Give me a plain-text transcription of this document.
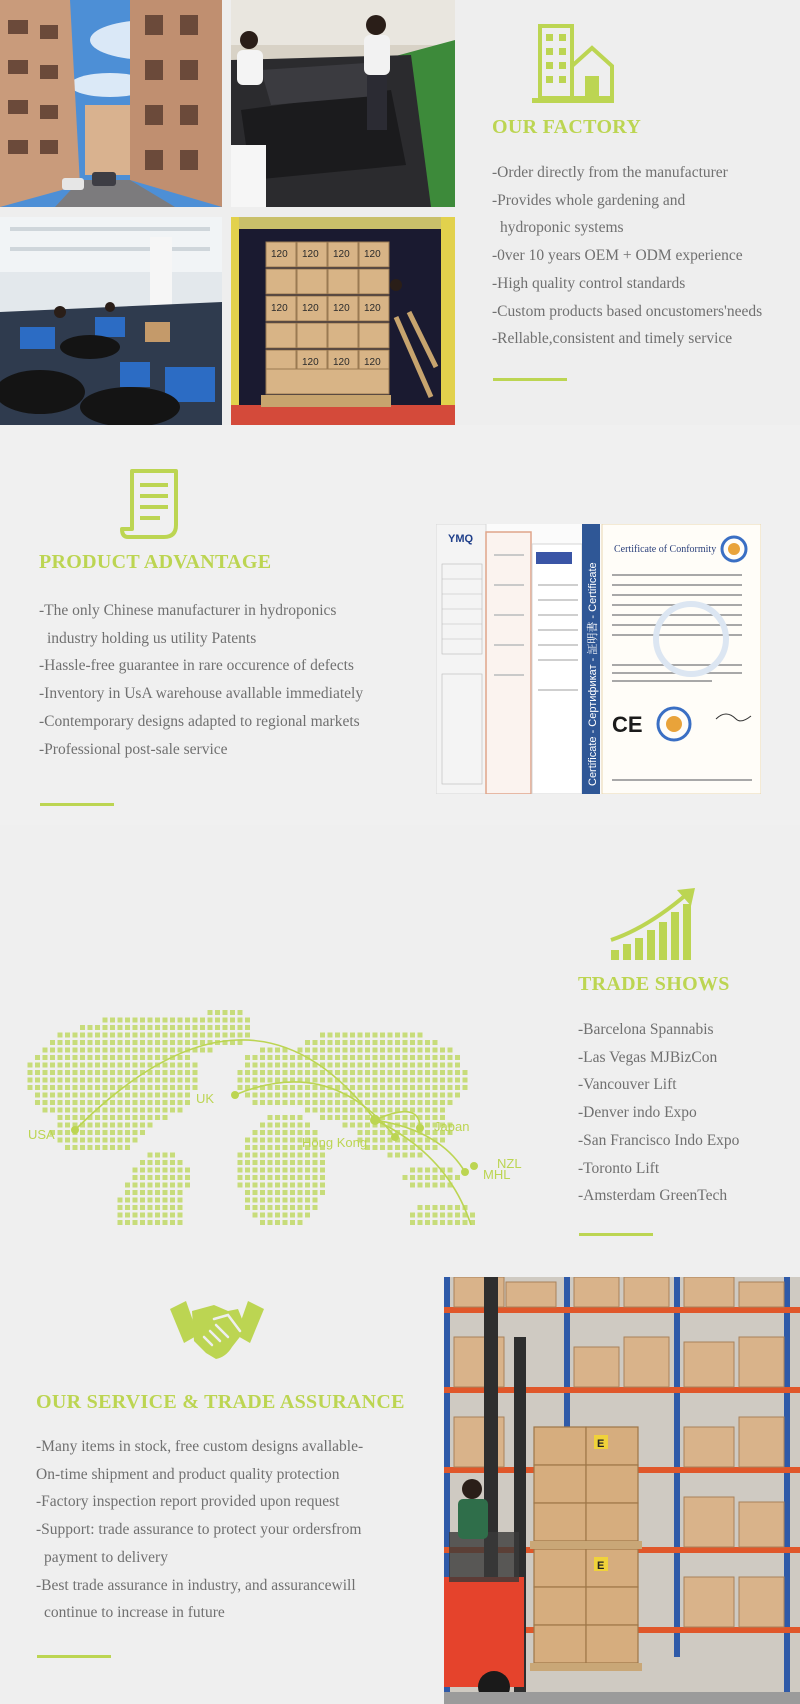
120 120 120 120
120 120 120 120
120 120 120
OUR FACTORY
-Order directly from the manufacturer
-Provides whole gardening and
hydroponic systems
-0ver 10 years OEM + ODM experience
-High quality control standards
-Custom products based oncustomers'needs
-Rellable,consistent and timely service
PRODUCT ADVANTAGE
-The only Chinese manufacturer in hydroponics
industry holding us utility Patents
-Hassle-free guarantee in rare occurence of defects
-Inventory in UsA warehouse avallable immediately
-Contemporary designs adapted to regional markets
-Professional post-sale service
YMQ
Certificate - Сертификат - 証明書 - Certificate
Certificate of Conformity
CE
USA
UK
Hong Kong
Japan
MHL
NZL
TRADE SHOWS
-Barcelona Spannabis
-Las Vegas MJBizCon
-Vancouver Lift
-Denver indo Expo
-San Francisco Indo Expo
-Toronto Lift
-Amsterdam GreenTech
OUR SERVICE & TRADE ASSURANCE
-Many items in stock, free custom designs avallable-
On-time shipment and product quality protection
-Factory inspection report provided upon request
-Support: trade assurance to protect your ordersfrom
payment to delivery
-Best trade assurance in industry, and assurancewill
continue to increase in future
E
E
